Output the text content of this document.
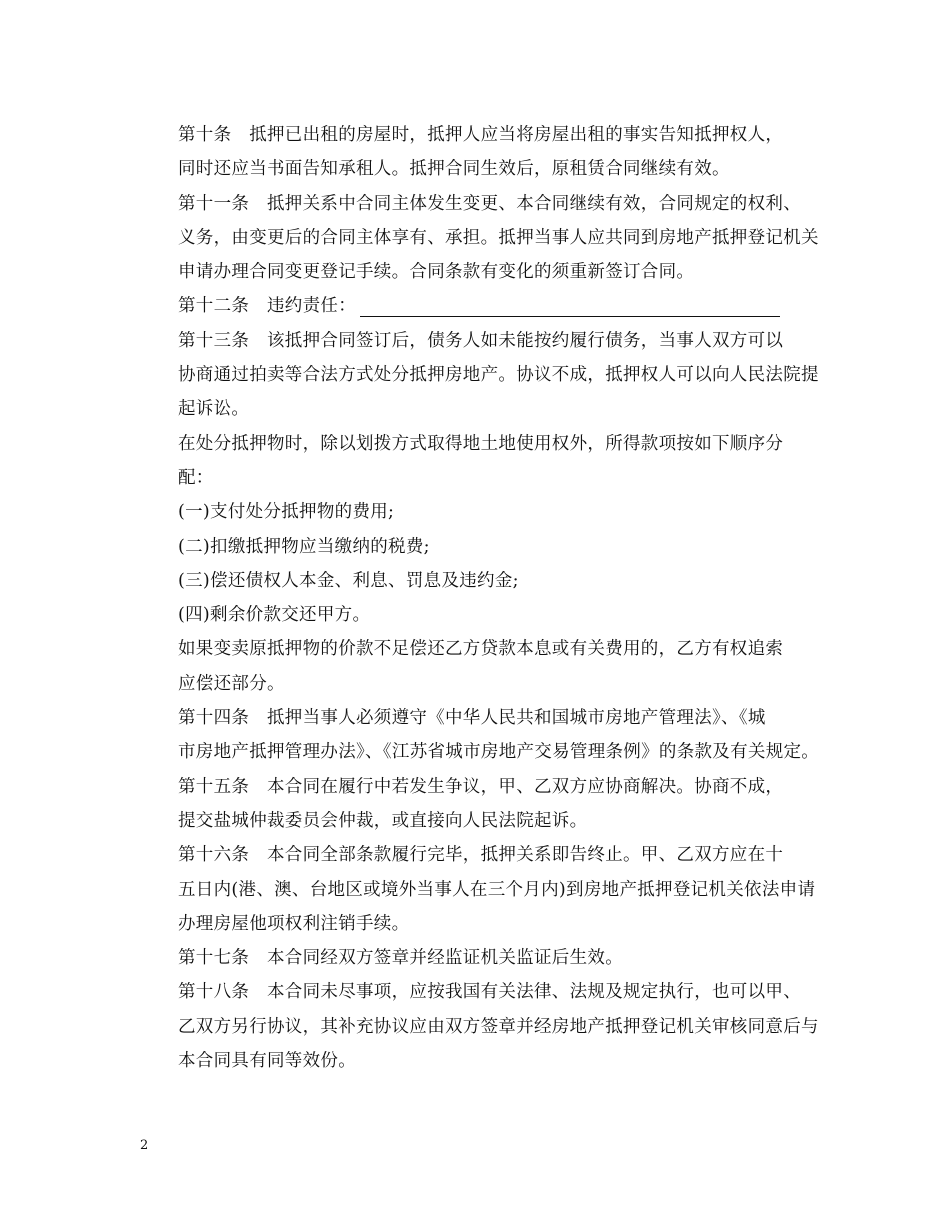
第十条　抵押已出租的房屋时，抵押人应当将房屋出租的事实告知抵押权人，
同时还应当书面告知承租人。抵押合同生效后，原租赁合同继续有效。

第十一条　抵押关系中合同主体发生变更、本合同继续有效，合同规定的权利、
义务，由变更后的合同主体享有、承担。抵押当事人应共同到房地产抵押登记机关
申请办理合同变更登记手续。合同条款有变化的须重新签订合同。

第十二条　违约责任：

第十三条　该抵押合同签订后，债务人如未能按约履行债务，当事人双方可以
协商通过拍卖等合法方式处分抵押房地产。协议不成，抵押权人可以向人民法院提
起诉讼。

在处分抵押物时，除以划拨方式取得地土地使用权外，所得款项按如下顺序分
配：

(一)支付处分抵押物的费用;

(二)扣缴抵押物应当缴纳的税费;

(三)偿还债权人本金、利息、罚息及违约金;

(四)剩余价款交还甲方。

如果变卖原抵押物的价款不足偿还乙方贷款本息或有关费用的，乙方有权追索
应偿还部分。

第十四条　抵押当事人必须遵守《中华人民共和国城市房地产管理法》、《城
市房地产抵押管理办法》、《江苏省城市房地产交易管理条例》的条款及有关规定。

第十五条　本合同在履行中若发生争议，甲、乙双方应协商解决。协商不成，
提交盐城仲裁委员会仲裁，或直接向人民法院起诉。

第十六条　本合同全部条款履行完毕，抵押关系即告终止。甲、乙双方应在十
五日内(港、澳、台地区或境外当事人在三个月内)到房地产抵押登记机关依法申请
办理房屋他项权利注销手续。

第十七条　本合同经双方签章并经监证机关监证后生效。

第十八条　本合同未尽事项，应按我国有关法律、法规及规定执行，也可以甲、
乙双方另行协议，其补充协议应由双方签章并经房地产抵押登记机关审核同意后与
本合同具有同等效份。

2
